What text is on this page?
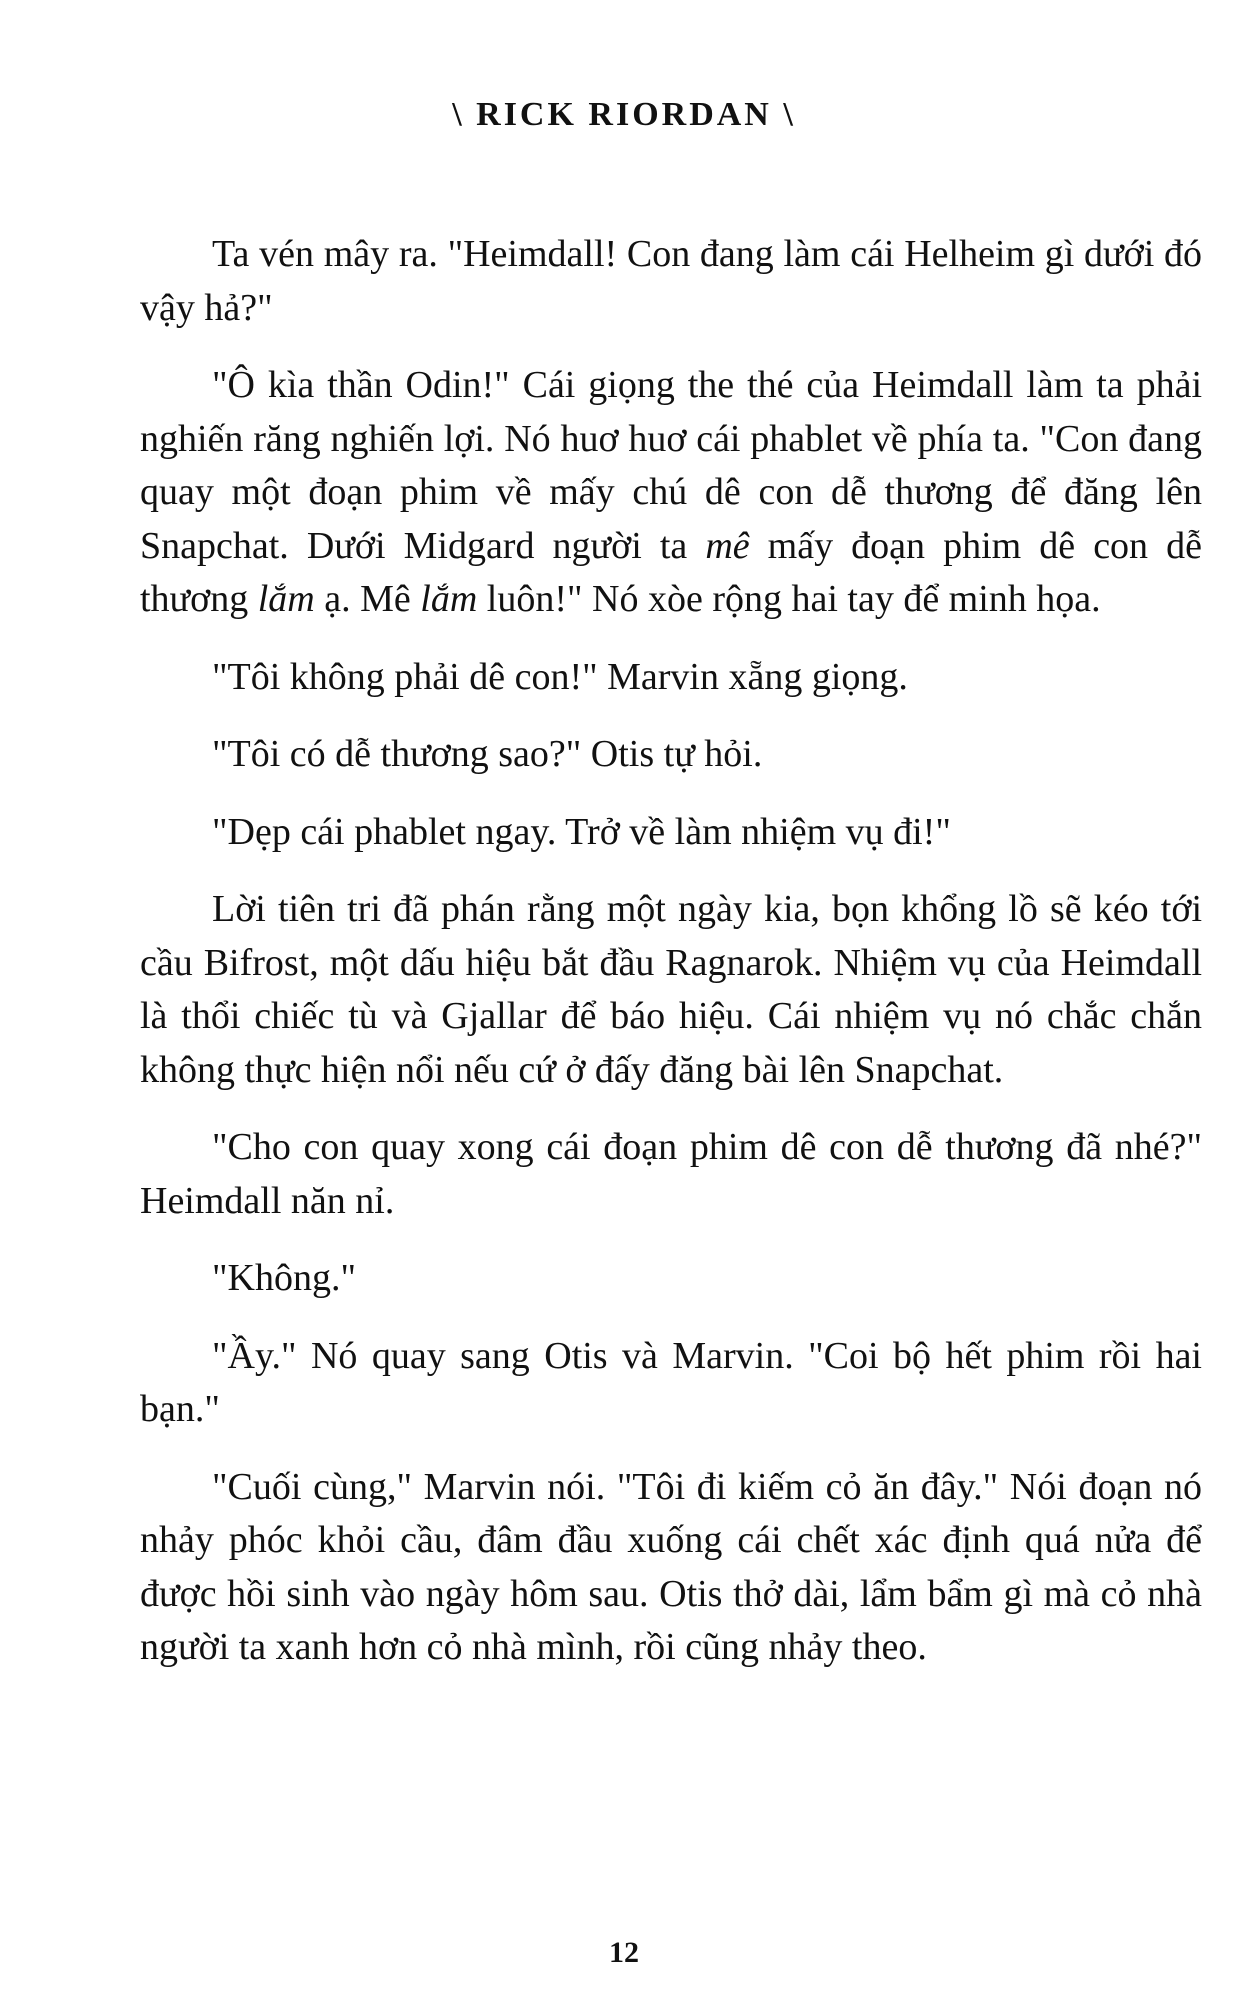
\ RICK RIORDAN \

Ta vén mây ra. "Heimdall! Con đang làm cái Helheim gì dưới đó vậy hả?"

"Ô kìa thần Odin!" Cái giọng the thé của Heimdall làm ta phải nghiến răng nghiến lợi. Nó huơ huơ cái phablet về phía ta. "Con đang quay một đoạn phim về mấy chú dê con dễ thương để đăng lên Snapchat. Dưới Midgard người ta mê mấy đoạn phim dê con dễ thương lắm ạ. Mê lắm luôn!" Nó xòe rộng hai tay để minh họa.

"Tôi không phải dê con!" Marvin xẵng giọng.

"Tôi có dễ thương sao?" Otis tự hỏi.

"Dẹp cái phablet ngay. Trở về làm nhiệm vụ đi!"

Lời tiên tri đã phán rằng một ngày kia, bọn khổng lồ sẽ kéo tới cầu Bifrost, một dấu hiệu bắt đầu Ragnarok. Nhiệm vụ của Heimdall là thổi chiếc tù và Gjallar để báo hiệu. Cái nhiệm vụ nó chắc chắn không thực hiện nổi nếu cứ ở đấy đăng bài lên Snapchat.

"Cho con quay xong cái đoạn phim dê con dễ thương đã nhé?" Heimdall năn nỉ.

"Không."

"Ầy." Nó quay sang Otis và Marvin. "Coi bộ hết phim rồi hai bạn."

"Cuối cùng," Marvin nói. "Tôi đi kiếm cỏ ăn đây." Nói đoạn nó nhảy phóc khỏi cầu, đâm đầu xuống cái chết xác định quá nửa để được hồi sinh vào ngày hôm sau. Otis thở dài, lẩm bẩm gì mà cỏ nhà người ta xanh hơn cỏ nhà mình, rồi cũng nhảy theo.

12
